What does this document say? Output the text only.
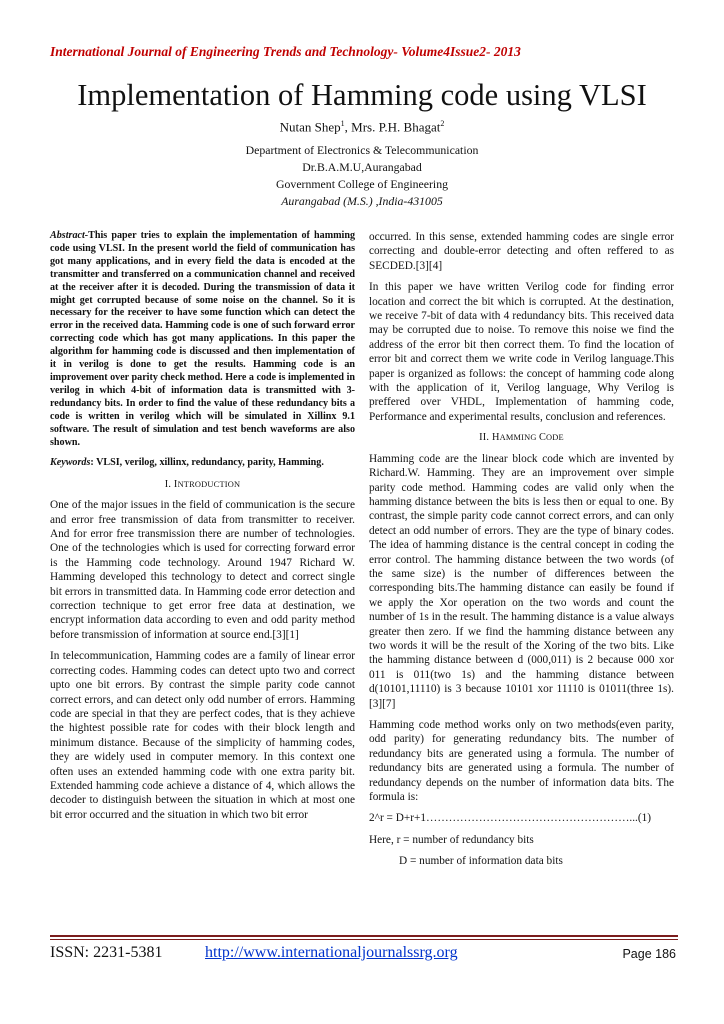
International Journal of Engineering Trends and Technology- Volume4Issue2- 2013
Implementation of Hamming code using VLSI
Nutan Shep$^1$, Mrs. P.H. Bhagat$^2$
Department of Electronics & Telecommunication
Dr.B.A.M.U,Aurangabad
Government College of Engineering
Aurangabad (M.S.) ,India-431005

Abstract-This paper tries to explain the implementation of hamming code using VLSI. In the present world the field of communication has got many applications, and in every field the data is encoded at the transmitter and transferred on a communication channel and received at the receiver after it is decoded. During the transmission of data it might get corrupted because of some noise on the channel. So it is necessary for the receiver to have some function which can detect the error in the received data. Hamming code is one of such forward error correcting code which has got many applications. In this paper the algorithm for hamming code is discussed and then implementation of it in verilog is done to get the results. Hamming code is an improvement over parity check method. Here a code is implemented in verilog in which 4-bit of information data is transmitted with 3-redundancy bits. In order to find the value of these redundancy bits a code is written in verilog which will be simulated in Xillinx 9.1 software. The result of simulation and test bench waveforms are also shown.

Keywords: VLSI, verilog, xillinx, redundancy, parity, Hamming.

I. INTRODUCTION

One of the major issues in the field of communication is the secure and error free transmission of data from transmitter to receiver. And for error free transmission there are number of technologies. One of the technologies which is used for correcting forward error is the Hamming code technology. Around 1947 Richard W. Hamming developed this technology to detect and correct single bit errors in transmitted data. In Hamming code error detection and correction technique to get error free data at destination, we encrypt information data according to even and odd parity method before transmission of information at source end.[3][1]

In telecommunication, Hamming codes are a family of linear error correcting codes. Hamming codes can detect upto two and correct upto one bit errors. By contrast the simple parity code cannot correct errors, and can detect only odd number of errors. Hamming code are special in that they are perfect codes, that is they achieve the hightest possible rate for codes with their block length and minimum distance. Because of the simplicity of hamming codes, they are widely used in computer memory. In this context one often uses an extended hamming code with one extra parity bit. Extended hamming code achieve a distance of 4, which allows the decoder to distinguish between the situation in which at most one bit error occurred and the situation in which two bit error

occurred. In this sense, extended hamming codes are single error correcting and double-error detecting and often reffered to as SECDED.[3][4]

In this paper we have written Verilog code for finding error location and correct the bit which is corrupted. At the destination, we receive 7-bit of data with 4 redundancy bits. This received data may be corrupted due to noise. To remove this noise we find the address of the error bit then correct them. To find the location of error bit and correct them we write code in Verilog language.This paper is organized as follows: the concept of hamming code along with the application of it, Verilog language, Why Verilog is preffered over VHDL, Implementation of hamming code, Performance and experimental results, conclusion and references.

II. HAMMING CODE

Hamming code are the linear block code which are invented by Richard.W. Hamming. They are an improvement over simple parity code method. Hamming codes are valid only when the hamming distance between the bits is less then or equal to one. By contrast, the simple parity code cannot correct errors, and can only detect an odd number of errors. They are the type of binary codes. The idea of hamming distance is the central concept in coding the error control. The hamming distance between the two words (of the same size) is the number of differences between the corresponding bits.The hamming distance can easily be found if we apply the Xor operation on the two words and count the number of 1s in the result. The hamming distance is a value always greater then zero. If we find the hamming distance between any two words it will be the result of the Xoring of the two bits. Like the hamming distance between d (000,011) is 2 because 000 xor 011 is 011(two 1s) and the hamming distance between d(10101,11110) is 3 because 10101 xor 11110 is 01011(three 1s).[3][7]

Hamming code method works only on two methods(even parity, odd parity) for generating redundancy bits. The number of redundancy bits are generated using a formula. The number of redundancy bits are generated using a formula. The number of redundancy depends on the number of information data bits. The formula is:

2^r = D+r+1………………………………………………...(1)

Here, r = number of redundancy bits

D = number of information data bits

ISSN: 2231-5381	http://www.internationaljournalssrg.org	Page 186
